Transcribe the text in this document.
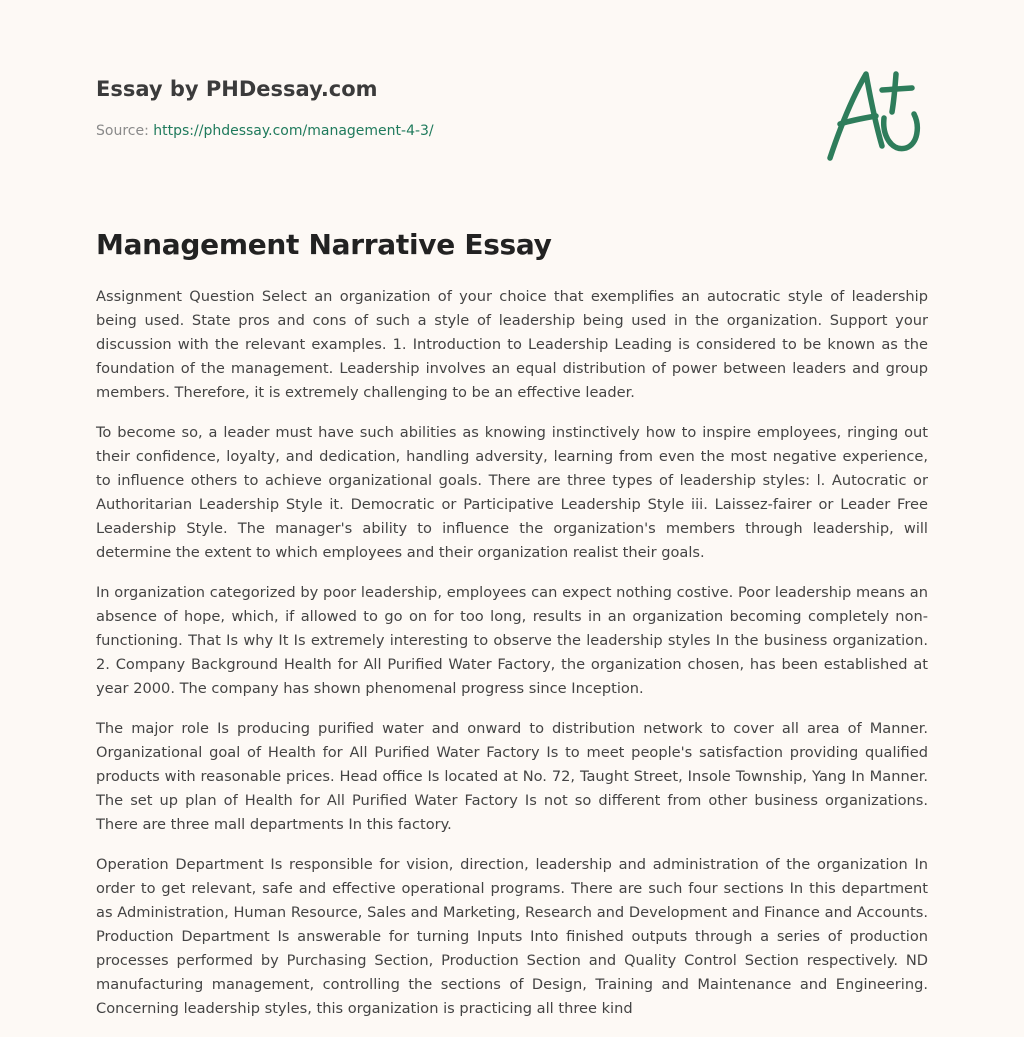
Essay by PHDessay.com
Source: https://phdessay.com/management-4-3/
Management Narrative Essay

Assignment Question Select an organization of your choice that exemplifies an autocratic style of leadership being used. State pros and cons of such a style of leadership being used in the organization. Support your discussion with the relevant examples. 1. Introduction to Leadership Leading is considered to be known as the foundation of the management. Leadership involves an equal distribution of power between leaders and group members. Therefore, it is extremely challenging to be an effective leader.

To become so, a leader must have such abilities as knowing instinctively how to inspire employees, ringing out their confidence, loyalty, and dedication, handling adversity, learning from even the most negative experience, to influence others to achieve organizational goals. There are three types of leadership styles: l. Autocratic or Authoritarian Leadership Style it. Democratic or Participative Leadership Style iii. Laissez-fairer or Leader Free Leadership Style. The manager's ability to influence the organization's members through leadership, will determine the extent to which employees and their organization realist their goals.

In organization categorized by poor leadership, employees can expect nothing costive. Poor leadership means an absence of hope, which, if allowed to go on for too long, results in an organization becoming completely non-functioning. That Is why It Is extremely interesting to observe the leadership styles In the business organization. 2. Company Background Health for All Purified Water Factory, the organization chosen, has been established at year 2000. The company has shown phenomenal progress since Inception.

The major role Is producing purified water and onward to distribution network to cover all area of Manner. Organizational goal of Health for All Purified Water Factory Is to meet people's satisfaction providing qualified products with reasonable prices. Head office Is located at No. 72, Taught Street, Insole Township, Yang In Manner. The set up plan of Health for All Purified Water Factory Is not so different from other business organizations. There are three mall departments In this factory.

Operation Department Is responsible for vision, direction, leadership and administration of the organization In order to get relevant, safe and effective operational programs. There are such four sections In this department as Administration, Human Resource, Sales and Marketing, Research and Development and Finance and Accounts. Production Department Is answerable for turning Inputs Into finished outputs through a series of production processes performed by Purchasing Section, Production Section and Quality Control Section respectively. ND manufacturing management, controlling the sections of Design, Training and Maintenance and Engineering. Concerning leadership styles, this organization is practicing all three kind
